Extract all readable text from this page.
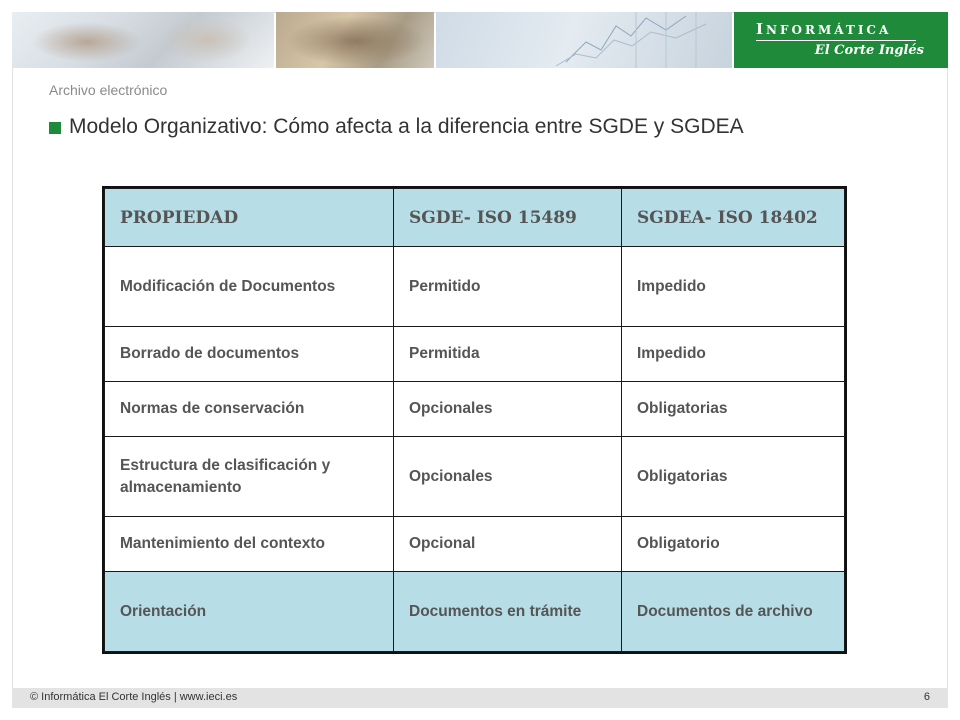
INFORMÁTICA
El Corte Inglés
Archivo electrónico
Modelo Organizativo: Cómo afecta a la diferencia entre SGDE y SGDEA
PROPIEDAD	SGDE- ISO 15489	SGDEA- ISO 18402
Modificación de Documentos	Permitido	Impedido
Borrado de documentos	Permitida	Impedido
Normas de conservación	Opcionales	Obligatorias
Estructura de clasificación y almacenamiento	Opcionales	Obligatorias
Mantenimiento del contexto	Opcional	Obligatorio
Orientación	Documentos en trámite	Documentos de archivo
© Informática El Corte Inglés | www.ieci.es	6
